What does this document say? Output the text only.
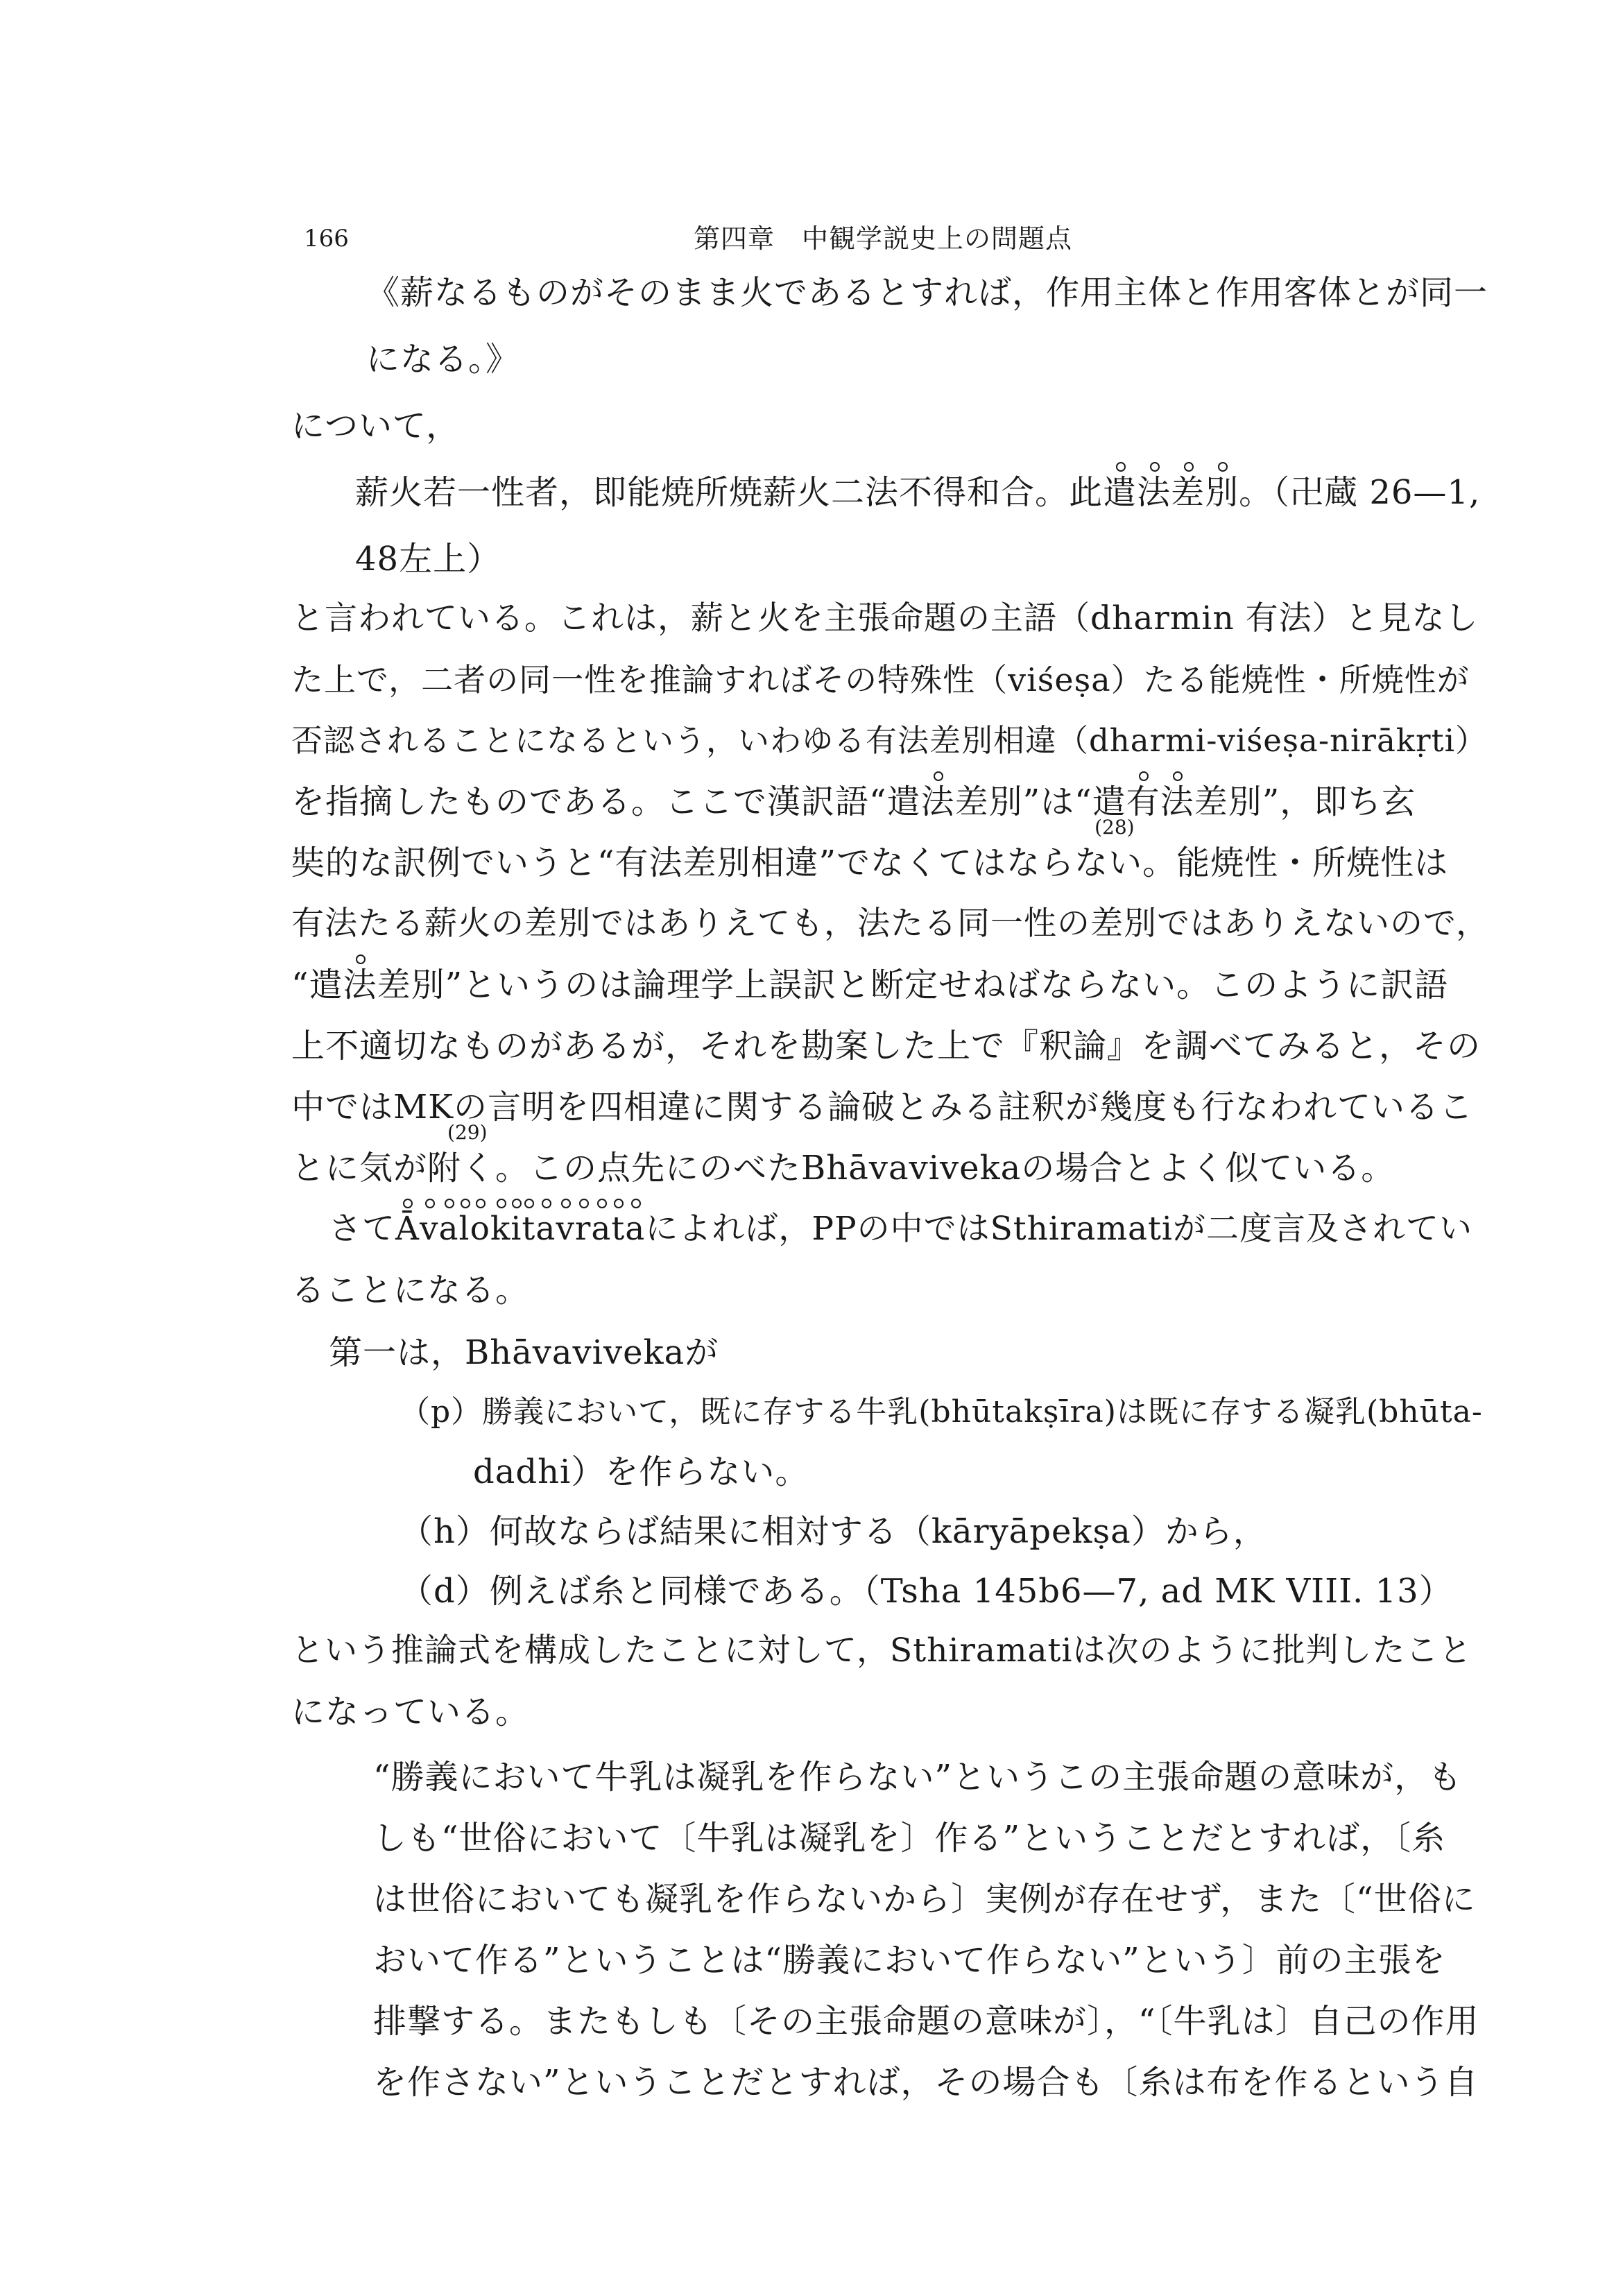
166	第四章　中観学説史上の問題点
《薪なるものがそのまま火であるとすれば，作用主体と作用客体とが同一
になる。》
について，
薪火若一性者，即能焼所焼薪火二法不得和合。此遣法差別。（卍蔵 26—1,
48左上）
と言われている。これは，薪と火を主張命題の主語（dharmin 有法）と見なし
た上で，二者の同一性を推論すればその特殊性（viśeṣa）たる能焼性・所焼性が
否認されることになるという，いわゆる有法差別相違（dharmi-viśeṣa-nirākṛti）
を指摘したものである。ここで漢訳語“遣法差別”は“遣有法差別”，即ち玄
奘的な訳例でいうと“有法差別相違”でなくてはならな
(28)
い。能焼性・所焼性は
有法たる薪火の差別ではありえても，法たる同一性の差別ではありえないので，
“遣法差別”というのは論理学上誤訳と断定せねばならない。このように訳語
上不適切なものがあるが，それを勘案した上で『釈論』を調べてみると，その
中ではMKの言明を四相違に関する論破とみる註釈が幾度も行なわれているこ
とに気が附
(29)
く。この点先にのべたBhāvavivekaの場合とよく似ている。
さてĀvalokitavrataによれば，PPの中ではSthiramatiが二度言及されてい
ることになる。
第一は，Bhāvavivekaが
（p）勝義において，既に存する牛乳(bhūtakṣīra)は既に存する凝乳(bhūta-
dadhi）を作らない。
（h）何故ならば結果に相対する（kāryāpekṣa）から，
（d）例えば糸と同様である。（Tsha 145b6—7, ad MK VIII. 13）
という推論式を構成したことに対して，Sthiramatiは次のように批判したこと
になっている。
“勝義において牛乳は凝乳を作らない”というこの主張命題の意味が，も
しも“世俗において〔牛乳は凝乳を〕作る”ということだとすれば，〔糸
は世俗においても凝乳を作らないから〕実例が存在せず，また〔“世俗に
おいて作る”ということは“勝義において作らない”という〕前の主張を
排撃する。またもしも〔その主張命題の意味が〕，“〔牛乳は〕自己の作用
を作さない”ということだとすれば，その場合も〔糸は布を作るという自
